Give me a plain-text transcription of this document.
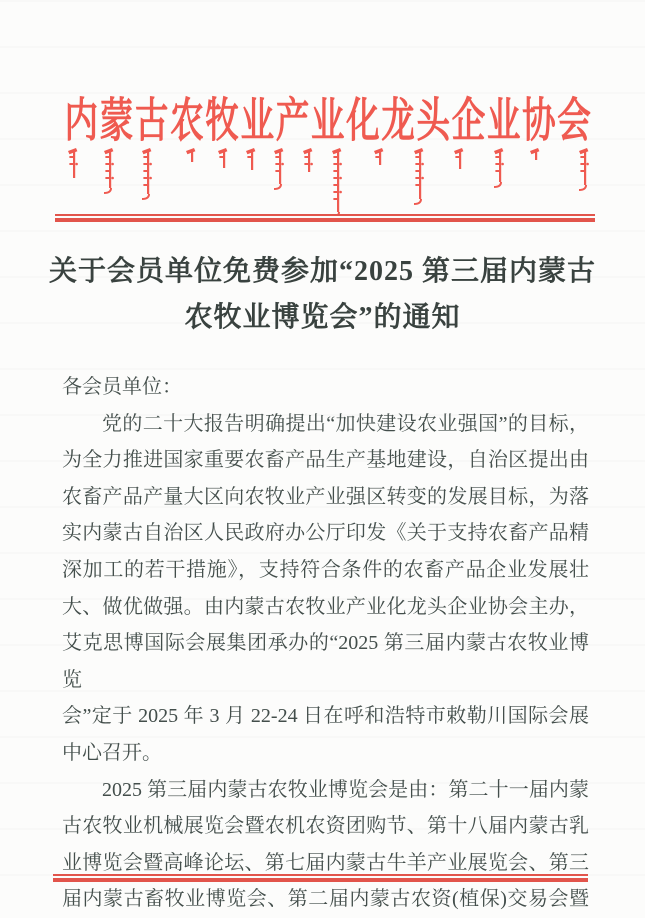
内蒙古农牧业产业化龙头企业协会
关于会员单位免费参加“2025 第三届内蒙古
农牧业博览会”的通知
各会员单位：
党的二十大报告明确提出“加快建设农业强国”的目标，
为全力推进国家重要农畜产品生产基地建设，自治区提出由
农畜产品产量大区向农牧业产业强区转变的发展目标，为落
实内蒙古自治区人民政府办公厅印发《关于支持农畜产品精
深加工的若干措施》，支持符合条件的农畜产品企业发展壮
大、做优做强。由内蒙古农牧业产业化龙头企业协会主办，
艾克思博国际会展集团承办的“2025 第三届内蒙古农牧业博览
会”定于 2025 年 3 月 22-24 日在呼和浩特市敕勒川国际会展
中心召开。
2025 第三届内蒙古农牧业博览会是由：第二十一届内蒙
古农牧业机械展览会暨农机农资团购节、第十八届内蒙古乳
业博览会暨高峰论坛、第七届内蒙古牛羊产业展览会、第三
届内蒙古畜牧业博览会、第二届内蒙古农资(植保)交易会暨
